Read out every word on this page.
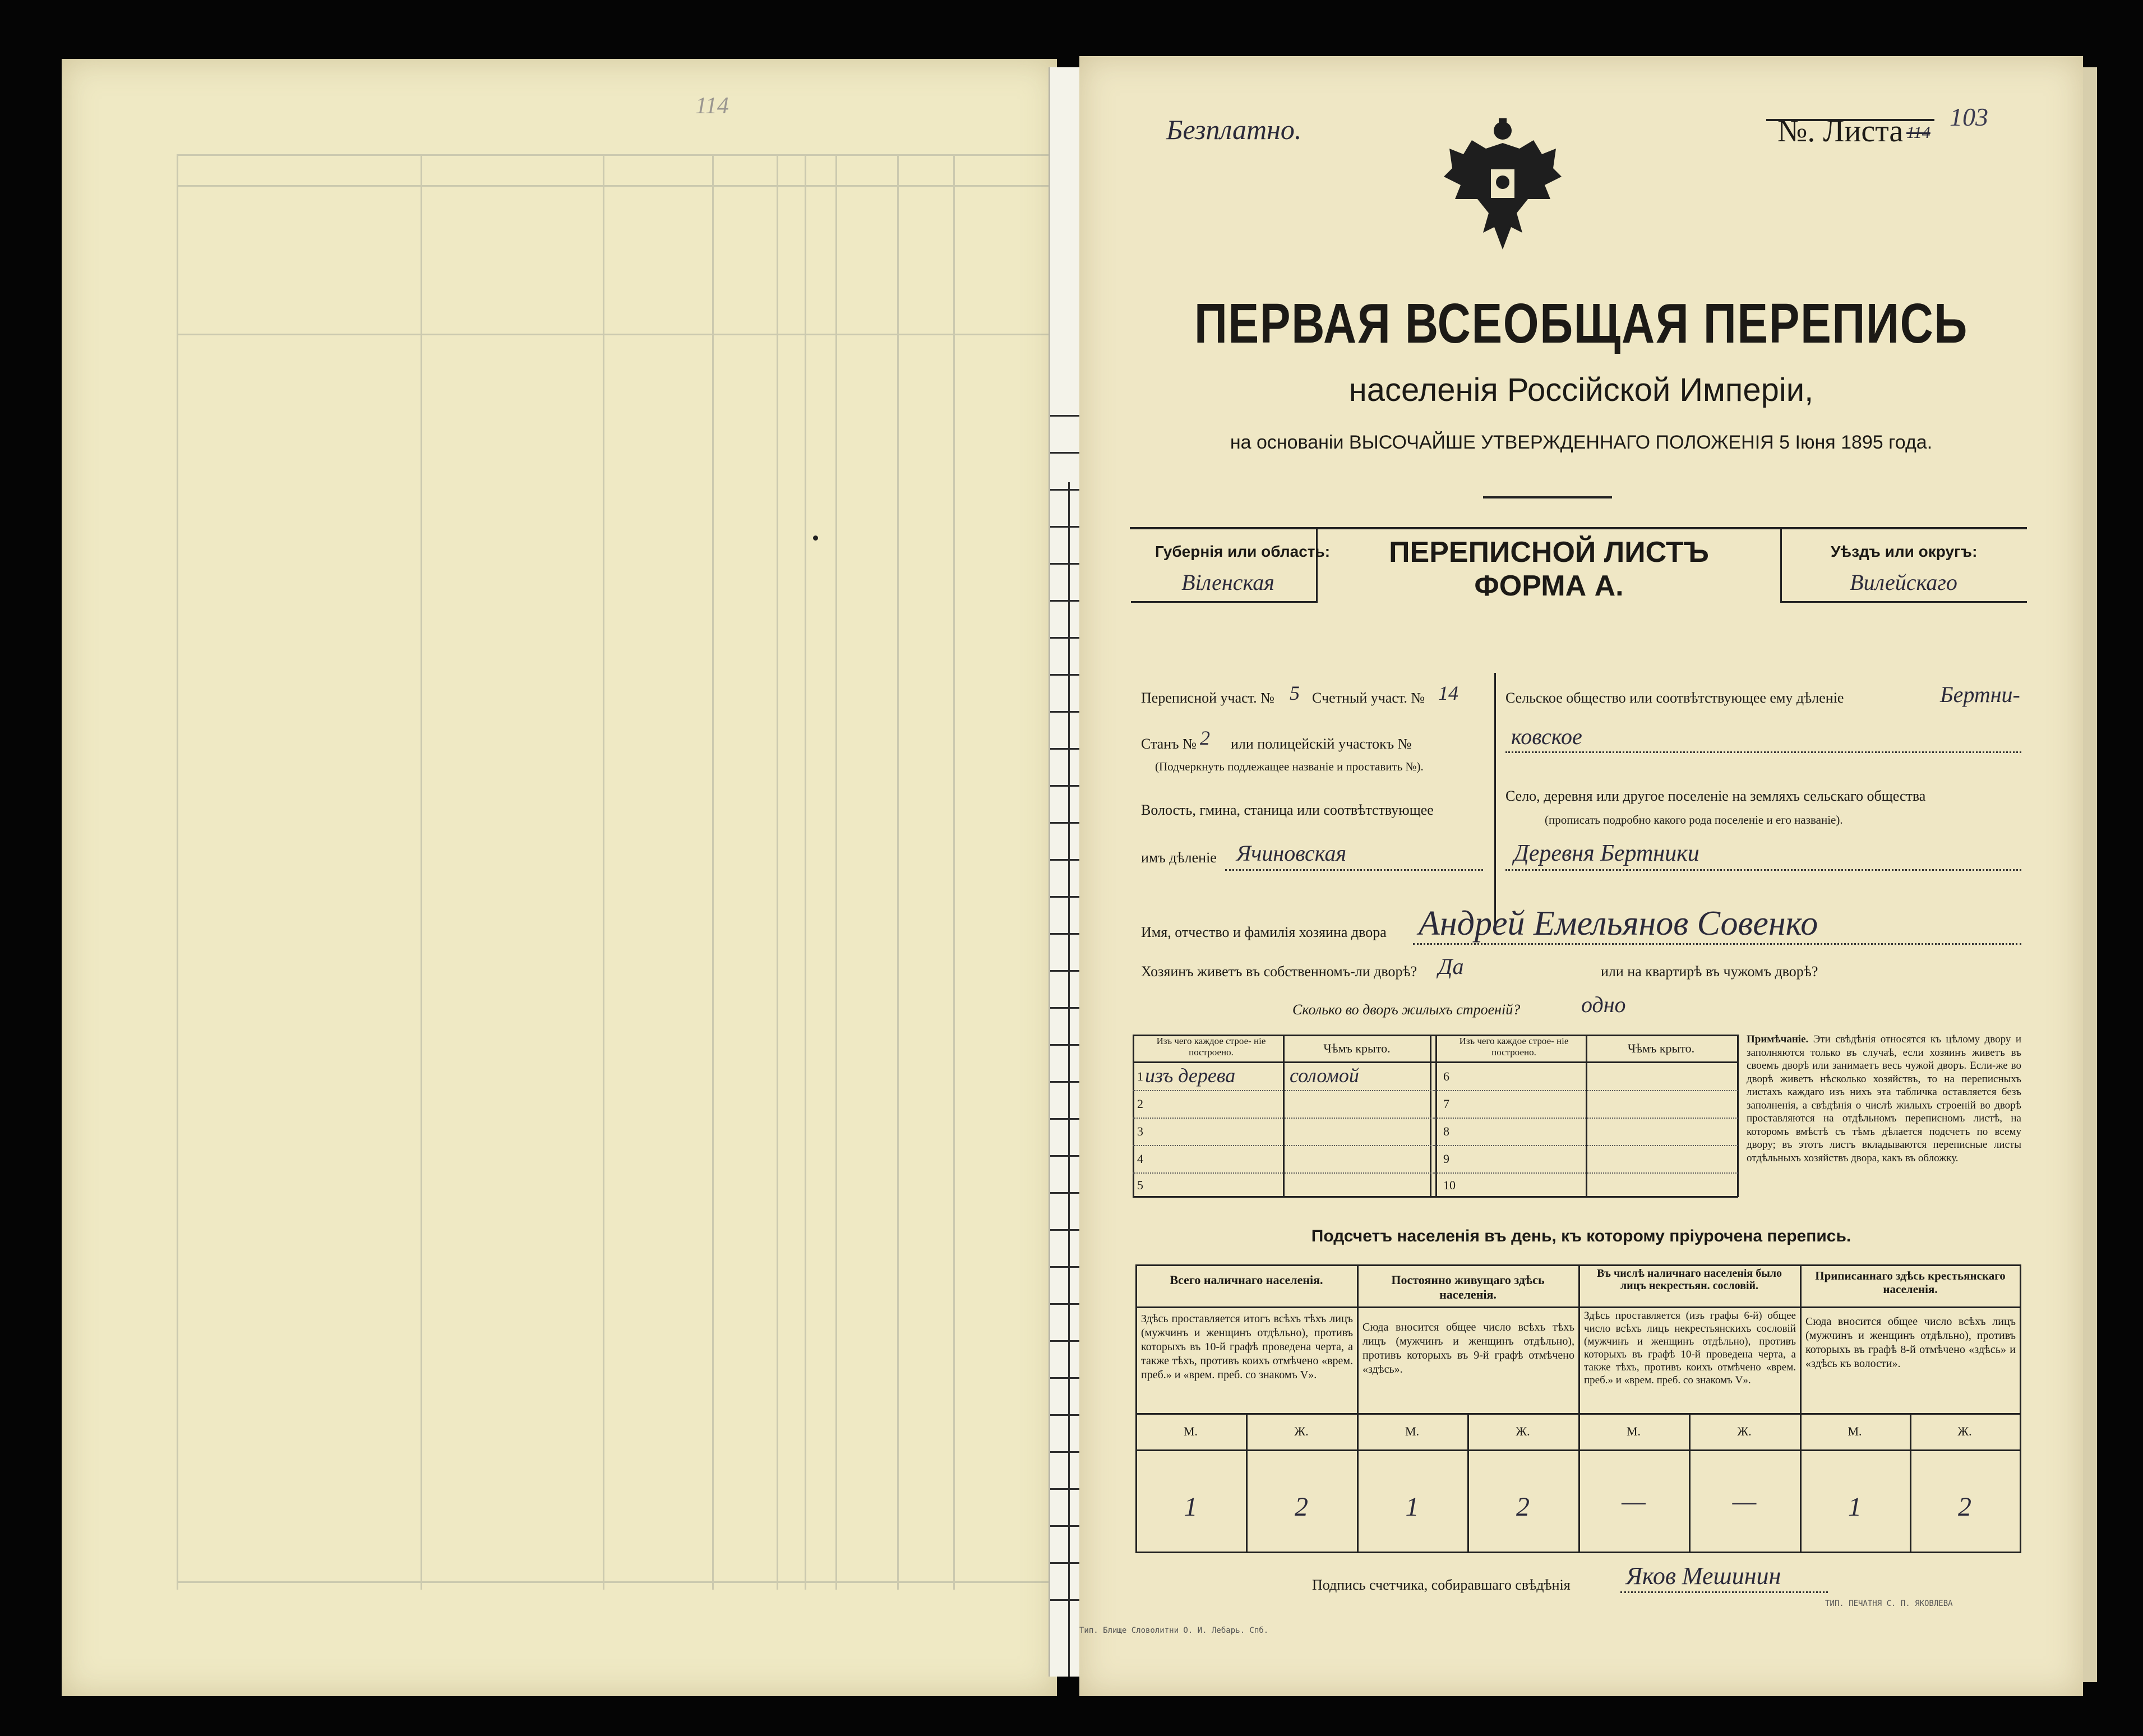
114
Безплатно.	№. Листа 114
103
ПЕРВАЯ ВСЕОБЩАЯ ПЕРЕПИСЬ
населенія Россійской Имперіи,
на основаніи ВЫСОЧАЙШЕ УТВЕРЖДЕННАГО ПОЛОЖЕНІЯ 5 Іюня 1895 года.
Губернія или область:
Віленская
ПЕРЕПИСНОЙ ЛИСТЪ
ФОРМА А.
Уѣздъ или округъ:
Вилейскаго
Переписной участ. № 5 Счетный участ. № 14
Станъ № 2 или полицейскій участокъ №
(Подчеркнуть подлежащее названіе и проставить №).
Волость, гмина, станица или соотвѣтствующее
имъ дѣленіе Ячиновская
Сельское общество или соотвѣтствующее ему дѣленіе	Бертни-
ковское
Село, деревня или другое поселеніе на земляхъ сельскаго общества
(прописать подробно какого рода поселеніе и его названіе).
Деревня Бертники
Имя, отчество и фамилія хозяина двора Андрей Емельянов Совенко
Хозяинъ живетъ въ собственномъ-ли дворѣ? Да	или на квартирѣ въ чужомъ дворѣ?
Сколько во дворъ жилыхъ строеній?	одно
Изъ чего каждое строе- ніе построено.	Чѣмъ крыто.
Изъ чего каждое строе- ніе построено.	Чѣмъ крыто.
1 изъ дерева	соломой
2
3
4
5
6
7
8
9
10
Примѣчаніе. Эти свѣдѣнія относятся къ цѣлому двору и заполняются только въ случаѣ, если хозяинъ живетъ въ своемъ дворѣ или занимаетъ весь чужой дворъ. Если-же во дворѣ живетъ нѣсколько хозяйствъ, то на переписныхъ листахъ каждаго изъ нихъ эта табличка оставляется безъ заполненія, а свѣдѣнія о числѣ жилыхъ строеній во дворѣ проставляются на отдѣльномъ переписномъ листѣ, на которомъ вмѣстѣ съ тѣмъ дѣлается подсчетъ по всему двору; въ этотъ листъ вкладываются переписные листы отдѣльныхъ хозяйствъ двора, какъ въ обложку.
Подсчетъ населенія въ день, къ которому пріурочена перепись.
Всего наличнаго населенія.
Здѣсь проставляется итогъ всѣхъ тѣхъ лицъ (мужчинъ и женщинъ отдѣльно), противъ которыхъ въ 10-й графѣ проведена черта, а также тѣхъ, противъ коихъ отмѣчено «врем. преб.» и «врем. преб. со знакомъ V».
М.	Ж.
1	2
Постоянно живущаго здѣсь населенія.
Сюда вносится общее число всѣхъ тѣхъ лицъ (мужчинъ и женщинъ отдѣльно), противъ которыхъ въ 9-й графѣ отмѣчено «здѣсь».
М.	Ж.
1	2
Въ числѣ наличнаго населенія было лицъ некрестьян. сословій.
Здѣсь проставляется (изъ графы 6-й) общее число всѣхъ лицъ некрестьянскихъ сословій (мужчинъ и женщинъ отдѣльно), противъ которыхъ въ графѣ 10-й проведена черта, а также тѣхъ, противъ коихъ отмѣчено «врем. преб.» и «врем. преб. со знакомъ V».
М.	Ж.
—	—
Приписаннаго здѣсь крестьянскаго населенія.
Сюда вносится общее число всѣхъ лицъ (мужчинъ и женщинъ отдѣльно), противъ которыхъ въ графѣ 8-й отмѣчено «здѣсь» и «здѣсь къ волости».
М.	Ж.
1	2
Подпись счетчика, собиравшаго свѣдѣнія Яков Мешинин
Тип. Блище Словолитни О. И. Лебарь. Спб.
ТИП. ПЕЧАТНЯ С. П. ЯКОВЛЕВА
